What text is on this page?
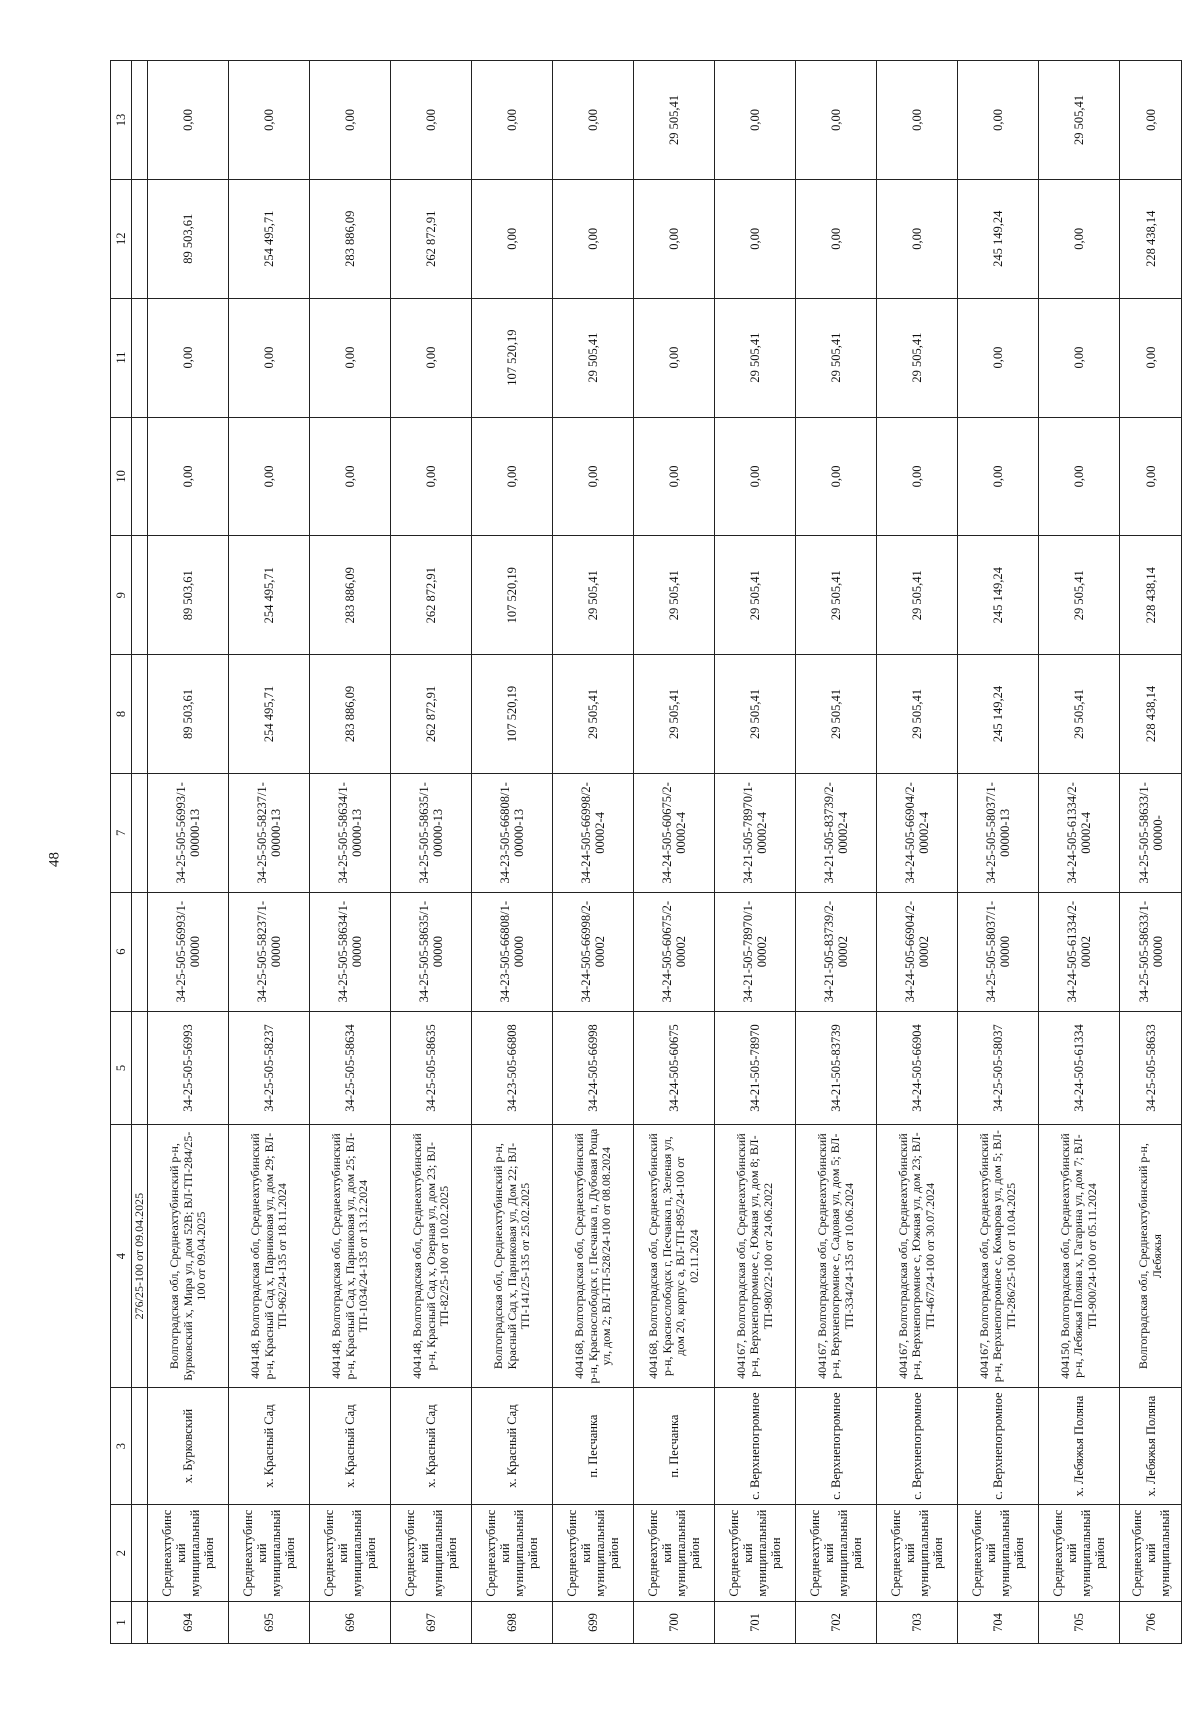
48
1	2	3	4	5	6	7	8	9	10	11	12	13
			276/25-100 от 09.04.2025									
694	Среднеахтубинский муниципальный район	х. Бурковский	Волгоградская обл, Среднеахтубинский р-н, Бурковский х, Мира ул, дом 52В; ВЛ-ТП-284/25-100 от 09.04.2025	34-25-505-56993	34-25-505-56993/1-00000	34-25-505-56993/1-00000-13	89 503,61	89 503,61	0,00	0,00	89 503,61	0,00
695	Среднеахтубинский муниципальный район	х. Красный Сад	404148, Волгоградская обл, Среднеахтубинский р-н, Красный Сад х, Парниковая ул, дом 29; ВЛ-ТП-962/24-135 от 18.11.2024	34-25-505-58237	34-25-505-58237/1-00000	34-25-505-58237/1-00000-13	254 495,71	254 495,71	0,00	0,00	254 495,71	0,00
696	Среднеахтубинский муниципальный район	х. Красный Сад	404148, Волгоградская обл, Среднеахтубинский р-н, Красный Сад х, Парниковая ул, дом 25; ВЛ-ТП-1034/24-135 от 13.12.2024	34-25-505-58634	34-25-505-58634/1-00000	34-25-505-58634/1-00000-13	283 886,09	283 886,09	0,00	0,00	283 886,09	0,00
697	Среднеахтубинский муниципальный район	х. Красный Сад	404148, Волгоградская обл, Среднеахтубинский р-н, Красный Сад х, Озерная ул, дом 23; ВЛ-ТП-82/25-100 от 10.02.2025	34-25-505-58635	34-25-505-58635/1-00000	34-25-505-58635/1-00000-13	262 872,91	262 872,91	0,00	0,00	262 872,91	0,00
698	Среднеахтубинский муниципальный район	х. Красный Сад	Волгоградская обл, Среднеахтубинский р-н, Красный Сад х, Парниковая ул, Дом 22; ВЛ-ТП-141/25-135 от 25.02.2025	34-23-505-66808	34-23-505-66808/1-00000	34-23-505-66808/1-00000-13	107 520,19	107 520,19	0,00	107 520,19	0,00	0,00
699	Среднеахтубинский муниципальный район	п. Песчанка	404168, Волгоградская обл, Среднеахтубинский р-н, Краснослободск г, Песчанка п, Дубовая Роща ул, дом 2; ВЛ-ТП-528/24-100 от 08.08.2024	34-24-505-66998	34-24-505-66998/2-00002	34-24-505-66998/2-00002-4	29 505,41	29 505,41	0,00	29 505,41	0,00	0,00
700	Среднеахтубинский муниципальный район	п. Песчанка	404168, Волгоградская обл, Среднеахтубинский р-н, Краснослободск г, Песчанка п, Зеленая ул, дом 20, корпус а, ВЛ-ТП-895/24-100 от 02.11.2024	34-24-505-60675	34-24-505-60675/2-00002	34-24-505-60675/2-00002-4	29 505,41	29 505,41	0,00	0,00	0,00	29 505,41
701	Среднеахтубинский муниципальный район	с. Верхнепогромное	404167, Волгоградская обл, Среднеахтубинский р-н, Верхнепогромное с, Южная ул, дом 8; ВЛ-ТП-980/22-100 от 24.06.2022	34-21-505-78970	34-21-505-78970/1-00002	34-21-505-78970/1-00002-4	29 505,41	29 505,41	0,00	29 505,41	0,00	0,00
702	Среднеахтубинский муниципальный район	с. Верхнепогромное	404167, Волгоградская обл, Среднеахтубинский р-н, Верхнепогромное с, Садовая ул, дом 5; ВЛ-ТП-334/24-135 от 10.06.2024	34-21-505-83739	34-21-505-83739/2-00002	34-21-505-83739/2-00002-4	29 505,41	29 505,41	0,00	29 505,41	0,00	0,00
703	Среднеахтубинский муниципальный район	с. Верхнепогромное	404167, Волгоградская обл, Среднеахтубинский р-н, Верхнепогромное с, Южная ул, дом 23; ВЛ-ТП-467/24-100 от 30.07.2024	34-24-505-66904	34-24-505-66904/2-00002	34-24-505-66904/2-00002-4	29 505,41	29 505,41	0,00	29 505,41	0,00	0,00
704	Среднеахтубинский муниципальный район	с. Верхнепогромное	404167, Волгоградская обл, Среднеахтубинский р-н, Верхнепогромное с, Комарова ул, дом 5; ВЛ-ТП-286/25-100 от 10.04.2025	34-25-505-58037	34-25-505-58037/1-00000	34-25-505-58037/1-00000-13	245 149,24	245 149,24	0,00	0,00	245 149,24	0,00
705	Среднеахтубинский муниципальный район	х. Лебяжья Поляна	404150, Волгоградская обл, Среднеахтубинский р-н, Лебяжья Поляна х, Гагарина ул, дом 7; ВЛ-ТП-900/24-100 от 05.11.2024	34-24-505-61334	34-24-505-61334/2-00002	34-24-505-61334/2-00002-4	29 505,41	29 505,41	0,00	0,00	0,00	29 505,41
706	Среднеахтубинский муниципальный	х. Лебяжья Поляна	Волгоградская обл, Среднеахтубинский р-н, Лебяжья	34-25-505-58633	34-25-505-58633/1-00000	34-25-505-58633/1-00000-	228 438,14	228 438,14	0,00	0,00	228 438,14	0,00
